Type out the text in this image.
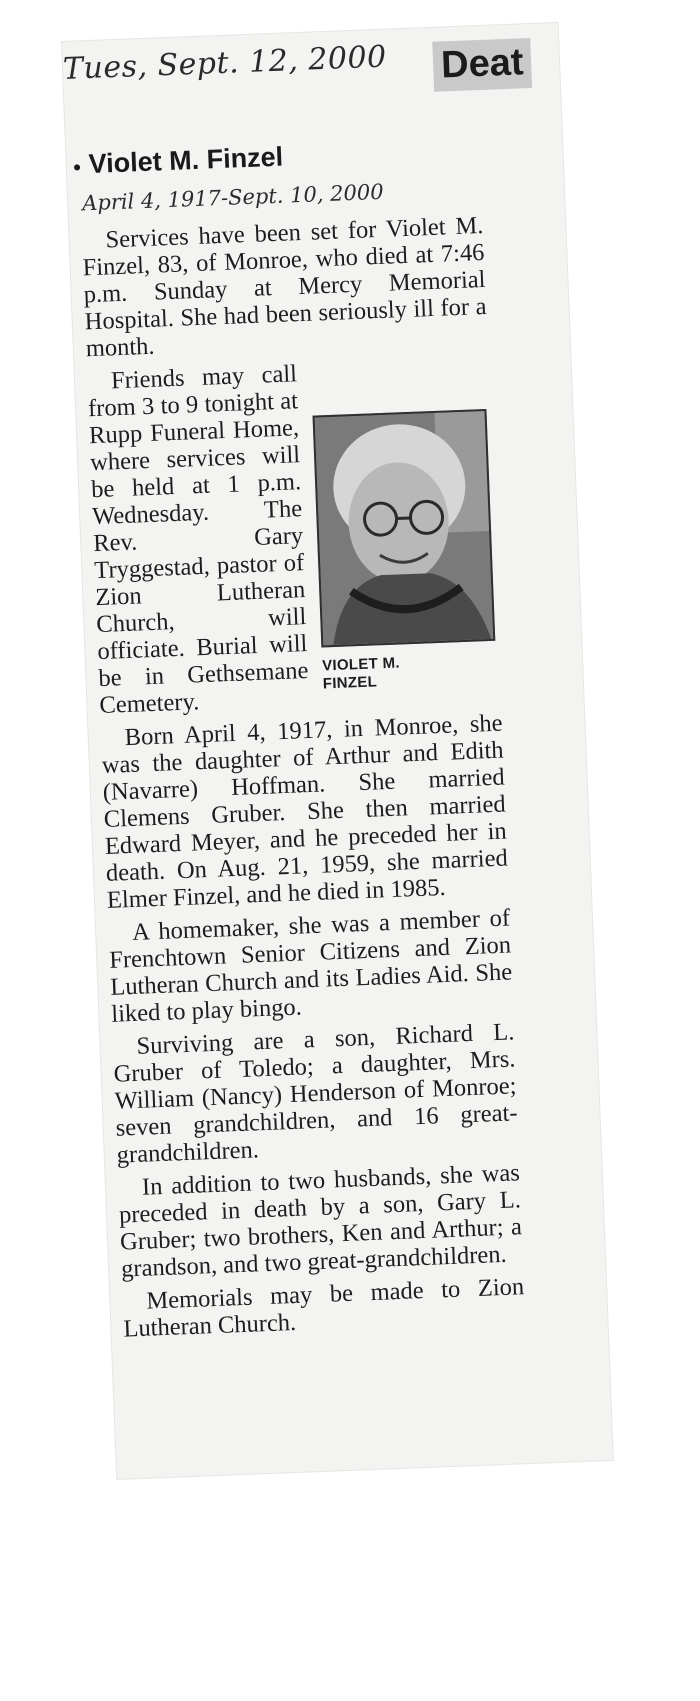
Tues, Sept. 12, 2000 Deat
● Violet M. Finzel
April 4, 1917-Sept. 10, 2000

Services have been set for Violet M. Finzel, 83, of Monroe, who died at 7:46 p.m. Sunday at Mercy Memorial Hospital. She had been seriously ill for a month.

VIOLET M.
FINZEL

Friends may call from 3 to 9 tonight at Rupp Funeral Home, where services will be held at 1 p.m. Wednesday. The Rev. Gary Tryggestad, pastor of Zion Lutheran Church, will officiate. Burial will be in Gethsemane Cemetery.

Born April 4, 1917, in Monroe, she was the daughter of Arthur and Edith (Navarre) Hoffman. She married Clemens Gruber. She then married Edward Meyer, and he preceded her in death. On Aug. 21, 1959, she married Elmer Finzel, and he died in 1985.

A homemaker, she was a member of Frenchtown Senior Citizens and Zion Lutheran Church and its Ladies Aid. She liked to play bingo.

Surviving are a son, Richard L. Gruber of Toledo; a daughter, Mrs. William (Nancy) Henderson of Monroe; seven grandchildren, and 16 great-grandchildren.

In addition to two husbands, she was preceded in death by a son, Gary L. Gruber; two brothers, Ken and Arthur; a grandson, and two great-grandchildren.

Memorials may be made to Zion Lutheran Church.
